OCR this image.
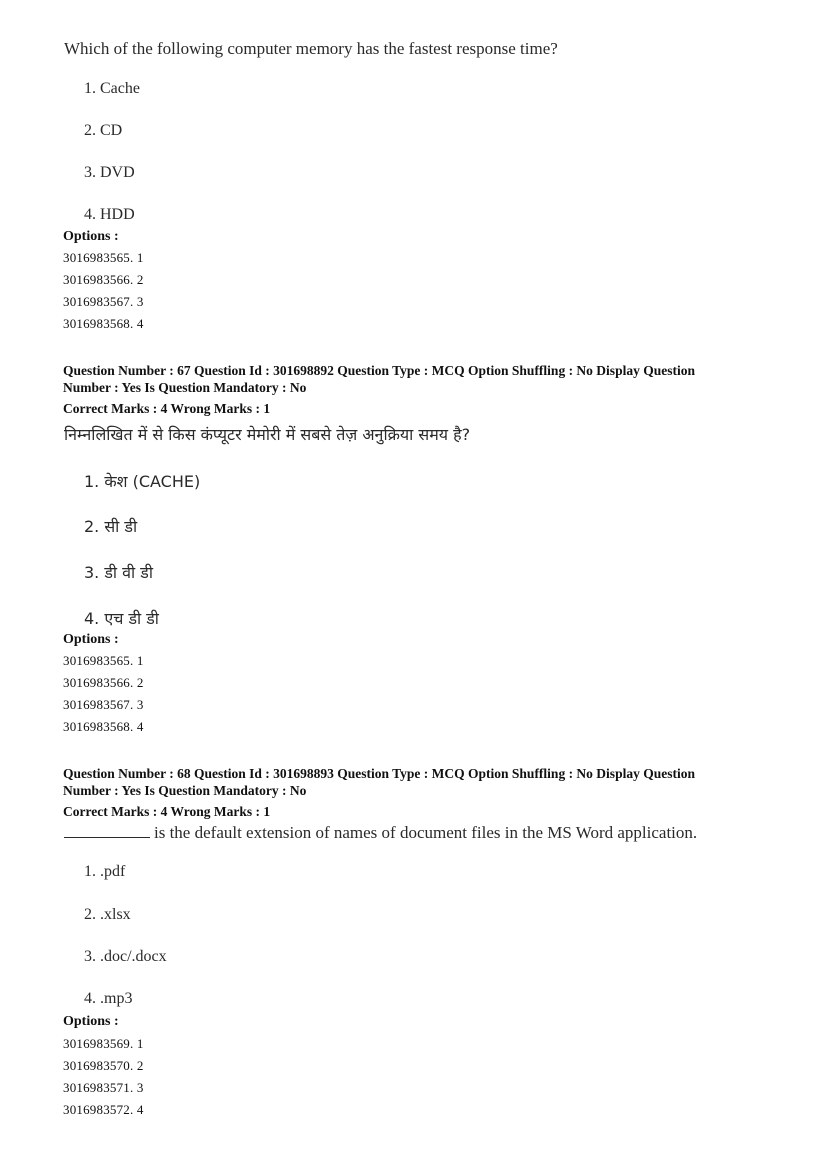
Which of the following computer memory has the fastest response time?
1. Cache
2. CD
3. DVD
4. HDD
Options :
3016983565. 1
3016983566. 2
3016983567. 3
3016983568. 4
Question Number : 67 Question Id : 301698892 Question Type : MCQ Option Shuffling : No Display Question
Number : Yes Is Question Mandatory : No
Correct Marks : 4 Wrong Marks : 1
निम्नलिखित में से किस कंप्यूटर मेमोरी में सबसे तेज़ अनुक्रिया समय है?
1. केश (CACHE)
2. सी डी
3. डी वी डी
4. एच डी डी
Options :
3016983565. 1
3016983566. 2
3016983567. 3
3016983568. 4
Question Number : 68 Question Id : 301698893 Question Type : MCQ Option Shuffling : No Display Question
Number : Yes Is Question Mandatory : No
Correct Marks : 4 Wrong Marks : 1
is the default extension of names of document files in the MS Word application.
1. .pdf
2. .xlsx
3. .doc/.docx
4. .mp3
Options :
3016983569. 1
3016983570. 2
3016983571. 3
3016983572. 4
